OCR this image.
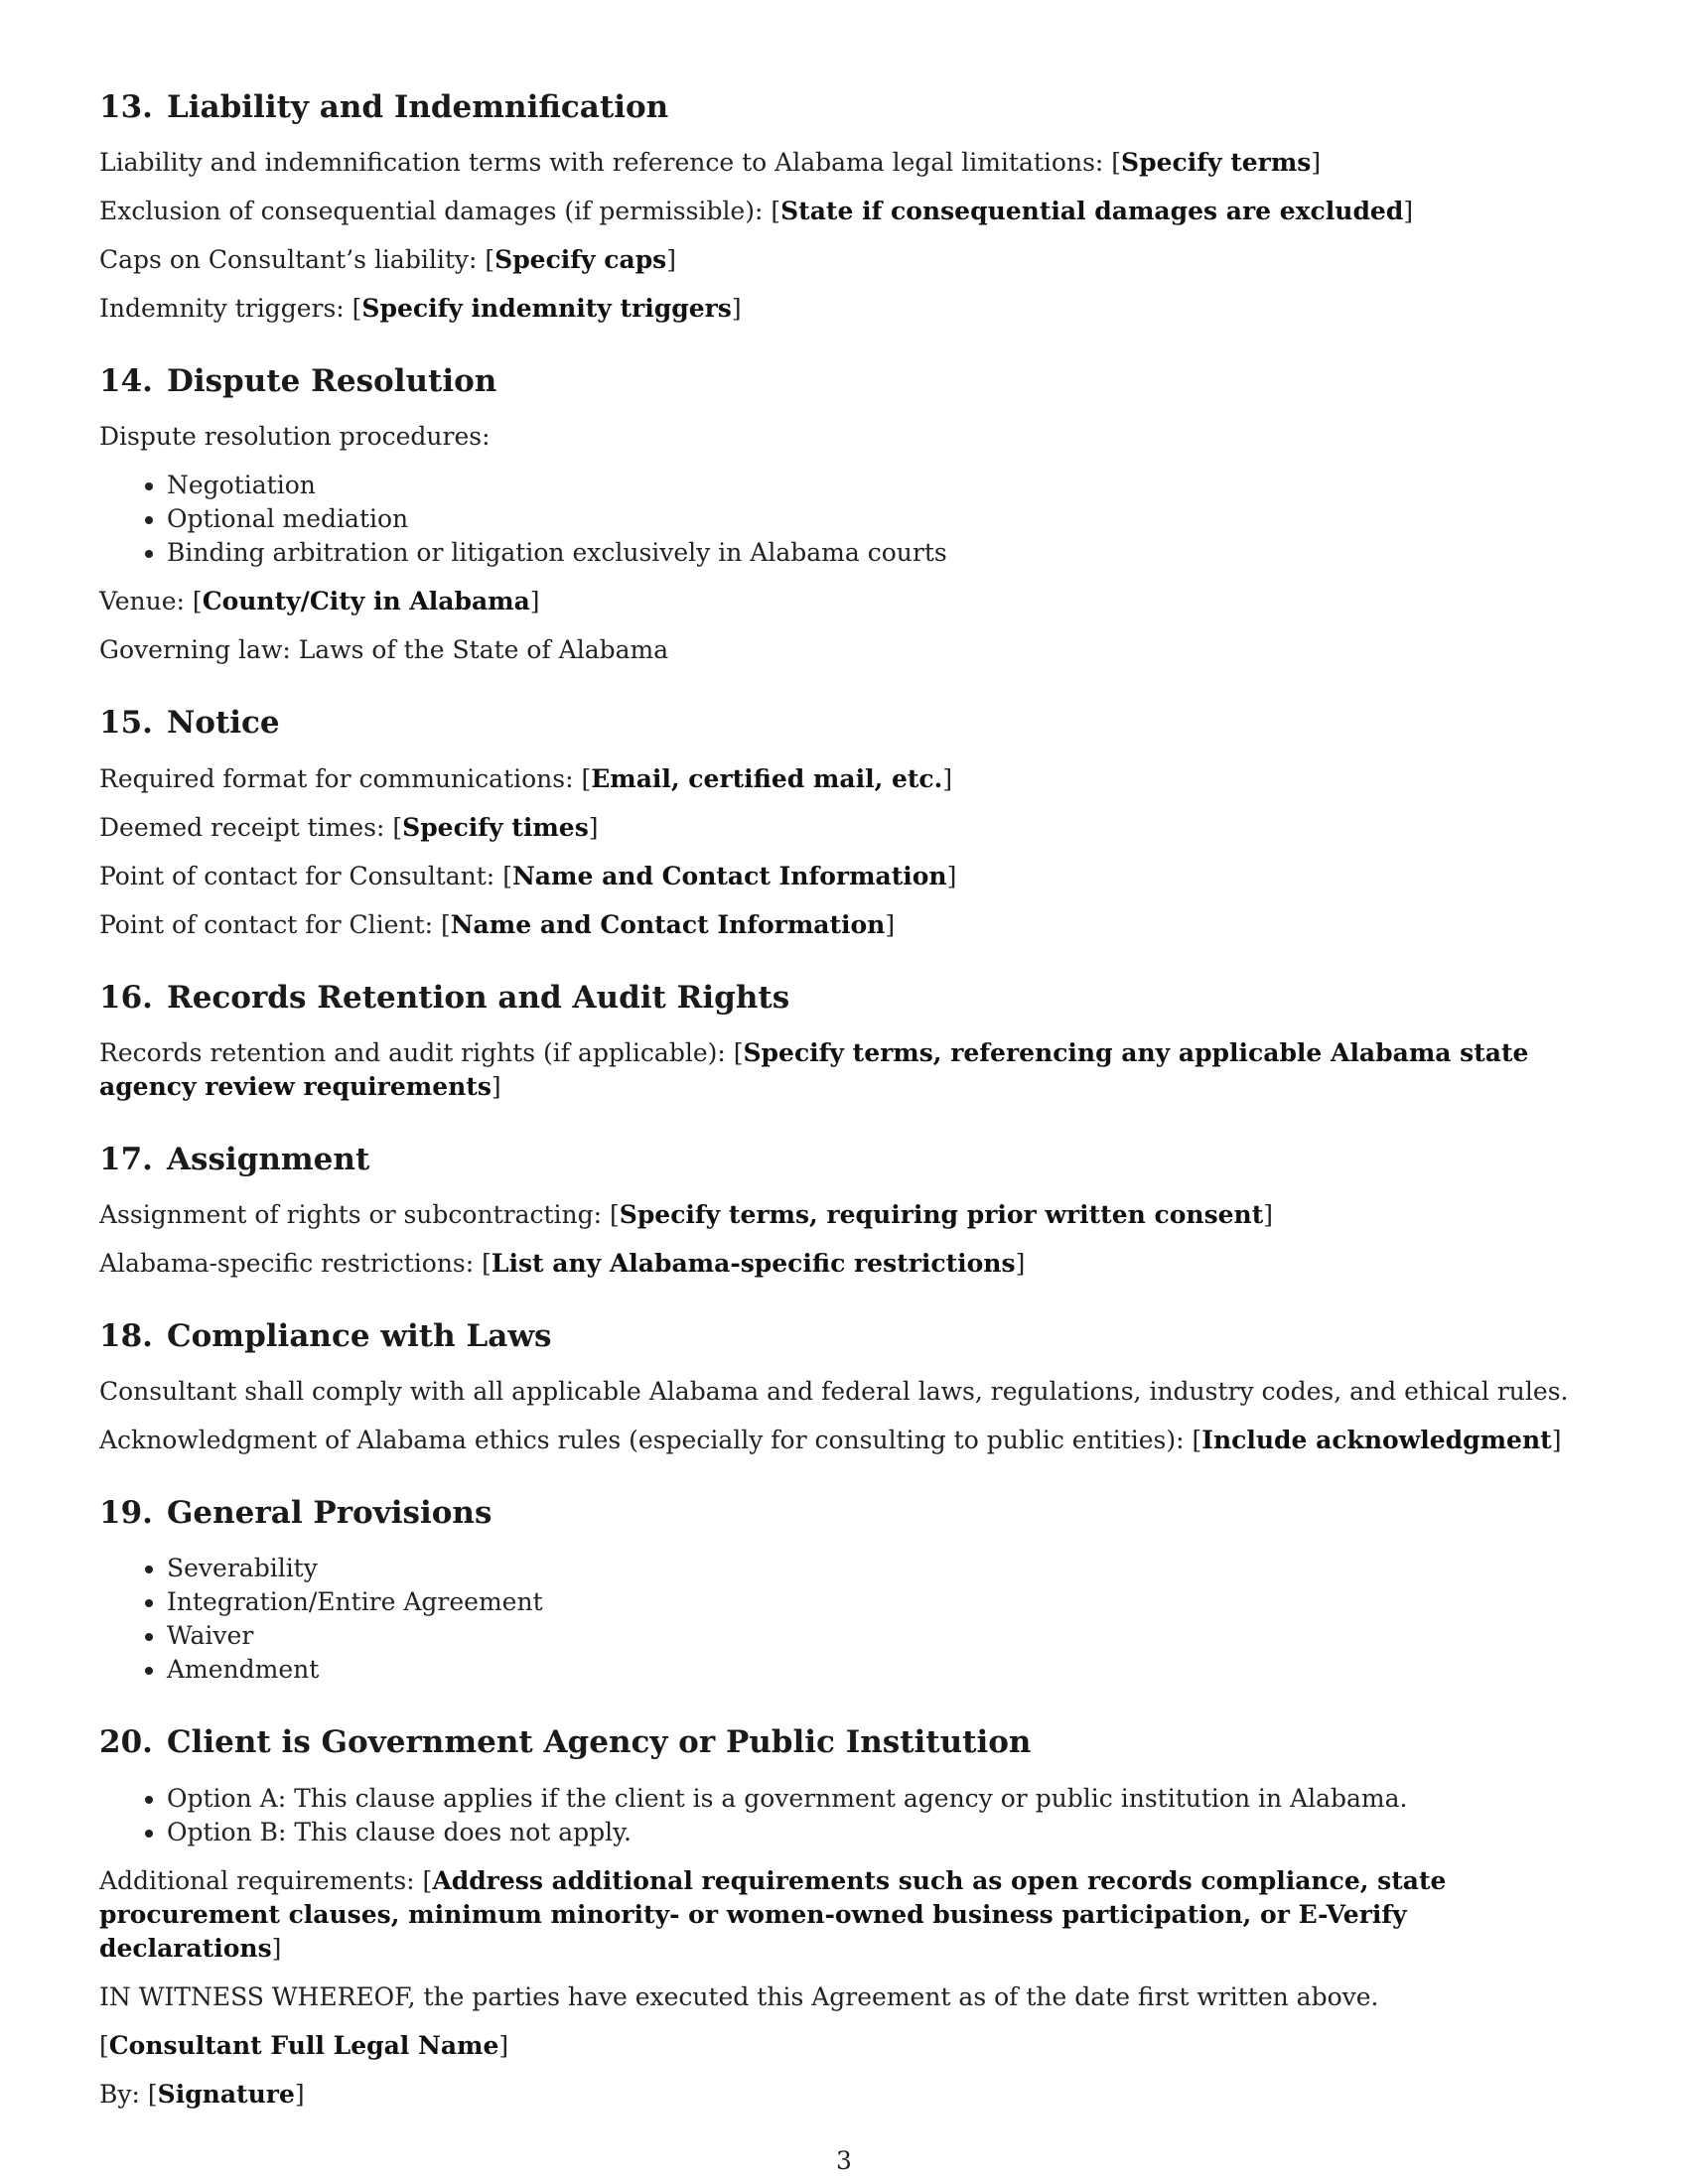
13. Liability and Indemnification

Liability and indemnification terms with reference to Alabama legal limitations: [Specify terms]

Exclusion of consequential damages (if permissible): [State if consequential damages are excluded]

Caps on Consultant’s liability: [Specify caps]

Indemnity triggers: [Specify indemnity triggers]

14. Dispute Resolution

Dispute resolution procedures:

• Negotiation
• Optional mediation
• Binding arbitration or litigation exclusively in Alabama courts

Venue: [County/City in Alabama]

Governing law: Laws of the State of Alabama

15. Notice

Required format for communications: [Email, certified mail, etc.]

Deemed receipt times: [Specify times]

Point of contact for Consultant: [Name and Contact Information]

Point of contact for Client: [Name and Contact Information]

16. Records Retention and Audit Rights

Records retention and audit rights (if applicable): [Specify terms, referencing any applicable Alabama state agency review requirements]

17. Assignment

Assignment of rights or subcontracting: [Specify terms, requiring prior written consent]

Alabama-specific restrictions: [List any Alabama-specific restrictions]

18. Compliance with Laws

Consultant shall comply with all applicable Alabama and federal laws, regulations, industry codes, and ethical rules.

Acknowledgment of Alabama ethics rules (especially for consulting to public entities): [Include acknowledgment]

19. General Provisions
• Severability
• Integration/Entire Agreement
• Waiver
• Amendment
20. Client is Government Agency or Public Institution
• Option A: This clause applies if the client is a government agency or public institution in Alabama.
• Option B: This clause does not apply.

Additional requirements: [Address additional requirements such as open records compliance, state procurement clauses, minimum minority- or women-owned business participation, or E-Verify declarations]

IN WITNESS WHEREOF, the parties have executed this Agreement as of the date first written above.

[Consultant Full Legal Name]

By: [Signature]

3
